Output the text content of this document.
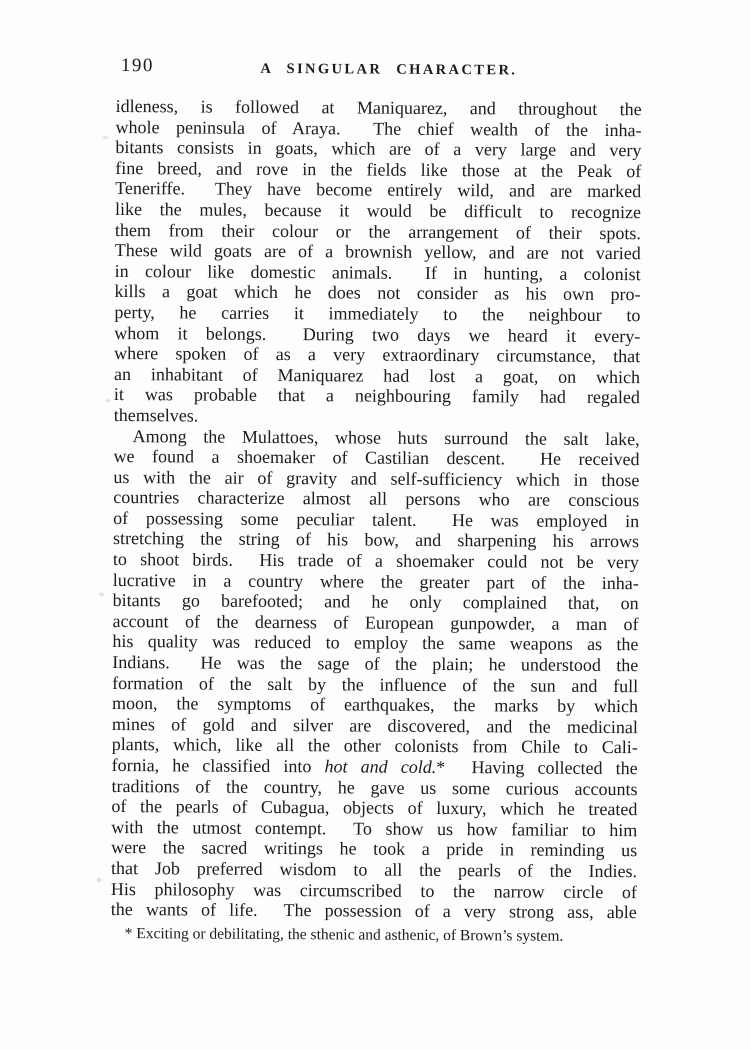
190	A SINGULAR CHARACTER.
idleness, is followed at Maniquarez, and throughout the
whole peninsula of Araya.  The chief wealth of the inha-
bitants consists in goats, which are of a very large and very
fine breed, and rove in the fields like those at the Peak of
Teneriffe.  They have become entirely wild, and are marked
like the mules, because it would be difficult to recognize
them from their colour or the arrangement of their spots.
These wild goats are of a brownish yellow, and are not varied
in colour like domestic animals.  If in hunting, a colonist
kills a goat which he does not consider as his own pro-
perty, he carries it immediately to the neighbour to
whom it belongs.  During two days we heard it every-
where spoken of as a very extraordinary circumstance, that
an inhabitant of Maniquarez had lost a goat, on which
it was probable that a neighbouring family had regaled
themselves.
Among the Mulattoes, whose huts surround the salt lake,
we found a shoemaker of Castilian descent.  He received
us with the air of gravity and self-sufficiency which in those
countries characterize almost all persons who are conscious
of possessing some peculiar talent.  He was employed in
stretching the string of his bow, and sharpening his arrows
to shoot birds.  His trade of a shoemaker could not be very
lucrative in a country where the greater part of the inha-
bitants go barefooted; and he only complained that, on
account of the dearness of European gunpowder, a man of
his quality was reduced to employ the same weapons as the
Indians.  He was the sage of the plain; he understood the
formation of the salt by the influence of the sun and full
moon, the symptoms of earthquakes, the marks by which
mines of gold and silver are discovered, and the medicinal
plants, which, like all the other colonists from Chile to Cali-
fornia, he classified into hot and cold.*  Having collected the
traditions of the country, he gave us some curious accounts
of the pearls of Cubagua, objects of luxury, which he treated
with the utmost contempt.  To show us how familiar to him
were the sacred writings he took a pride in reminding us
that Job preferred wisdom to all the pearls of the Indies.
His philosophy was circumscribed to the narrow circle of
the wants of life.  The possession of a very strong ass, able
* Exciting or debilitating, the sthenic and asthenic, of Brown’s system.
